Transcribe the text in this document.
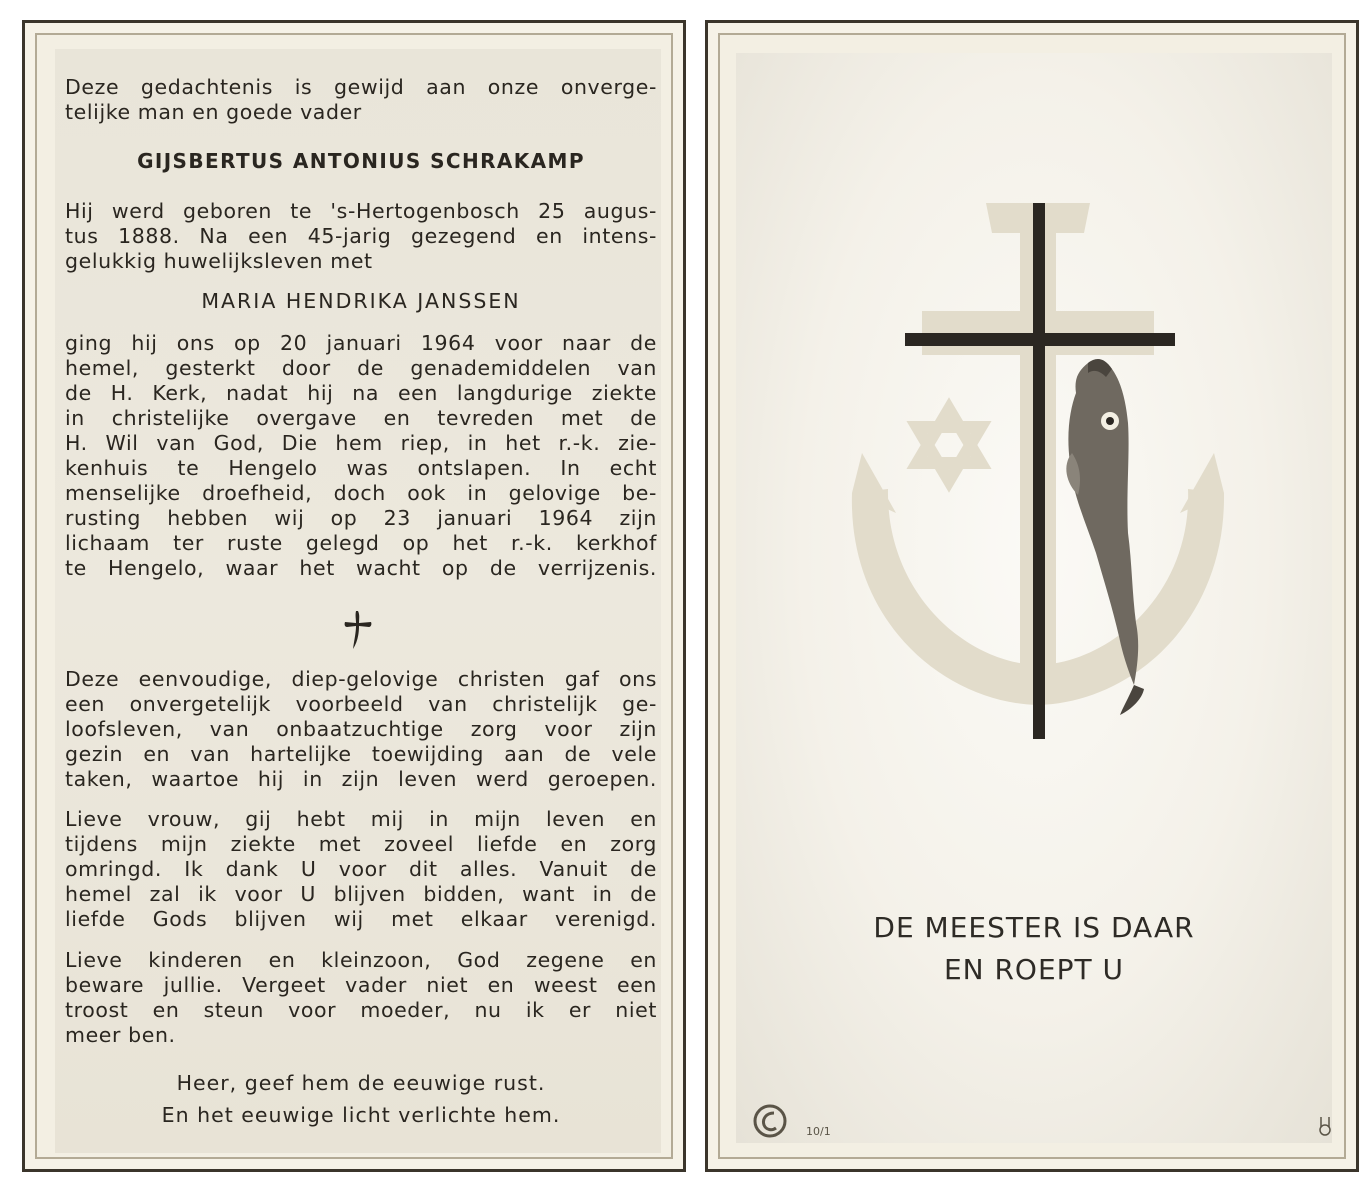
Deze gedachtenis is gewijd aan onze onverge-
telijke man en goede vader
GIJSBERTUS ANTONIUS SCHRAKAMP
Hij werd geboren te 's-Hertogenbosch 25 augus-
tus 1888. Na een 45-jarig gezegend en intens-
gelukkig huwelijksleven met
MARIA HENDRIKA JANSSEN
ging hij ons op 20 januari 1964 voor naar de
hemel, gesterkt door de genademiddelen van
de H. Kerk, nadat hij na een langdurige ziekte
in christelijke overgave en tevreden met de
H. Wil van God, Die hem riep, in het r.-k. zie-
kenhuis te Hengelo was ontslapen. In echt
menselijke droefheid, doch ook in gelovige be-
rusting hebben wij op 23 januari 1964 zijn
lichaam ter ruste gelegd op het r.-k. kerkhof
te Hengelo, waar het wacht op de verrijzenis.
Deze eenvoudige, diep-gelovige christen gaf ons
een onvergetelijk voorbeeld van christelijk ge-
loofsleven, van onbaatzuchtige zorg voor zijn
gezin en van hartelijke toewijding aan de vele
taken, waartoe hij in zijn leven werd geroepen.
Lieve vrouw, gij hebt mij in mijn leven en
tijdens mijn ziekte met zoveel liefde en zorg
omringd. Ik dank U voor dit alles. Vanuit de
hemel zal ik voor U blijven bidden, want in de
liefde Gods blijven wij met elkaar verenigd.
Lieve kinderen en kleinzoon, God zegene en
beware jullie. Vergeet vader niet en weest een
troost en steun voor moeder, nu ik er niet
meer ben.
Heer, geef hem de eeuwige rust.
En het eeuwige licht verlichte hem.
DE MEESTER IS DAAR
EN ROEPT U
10/1
